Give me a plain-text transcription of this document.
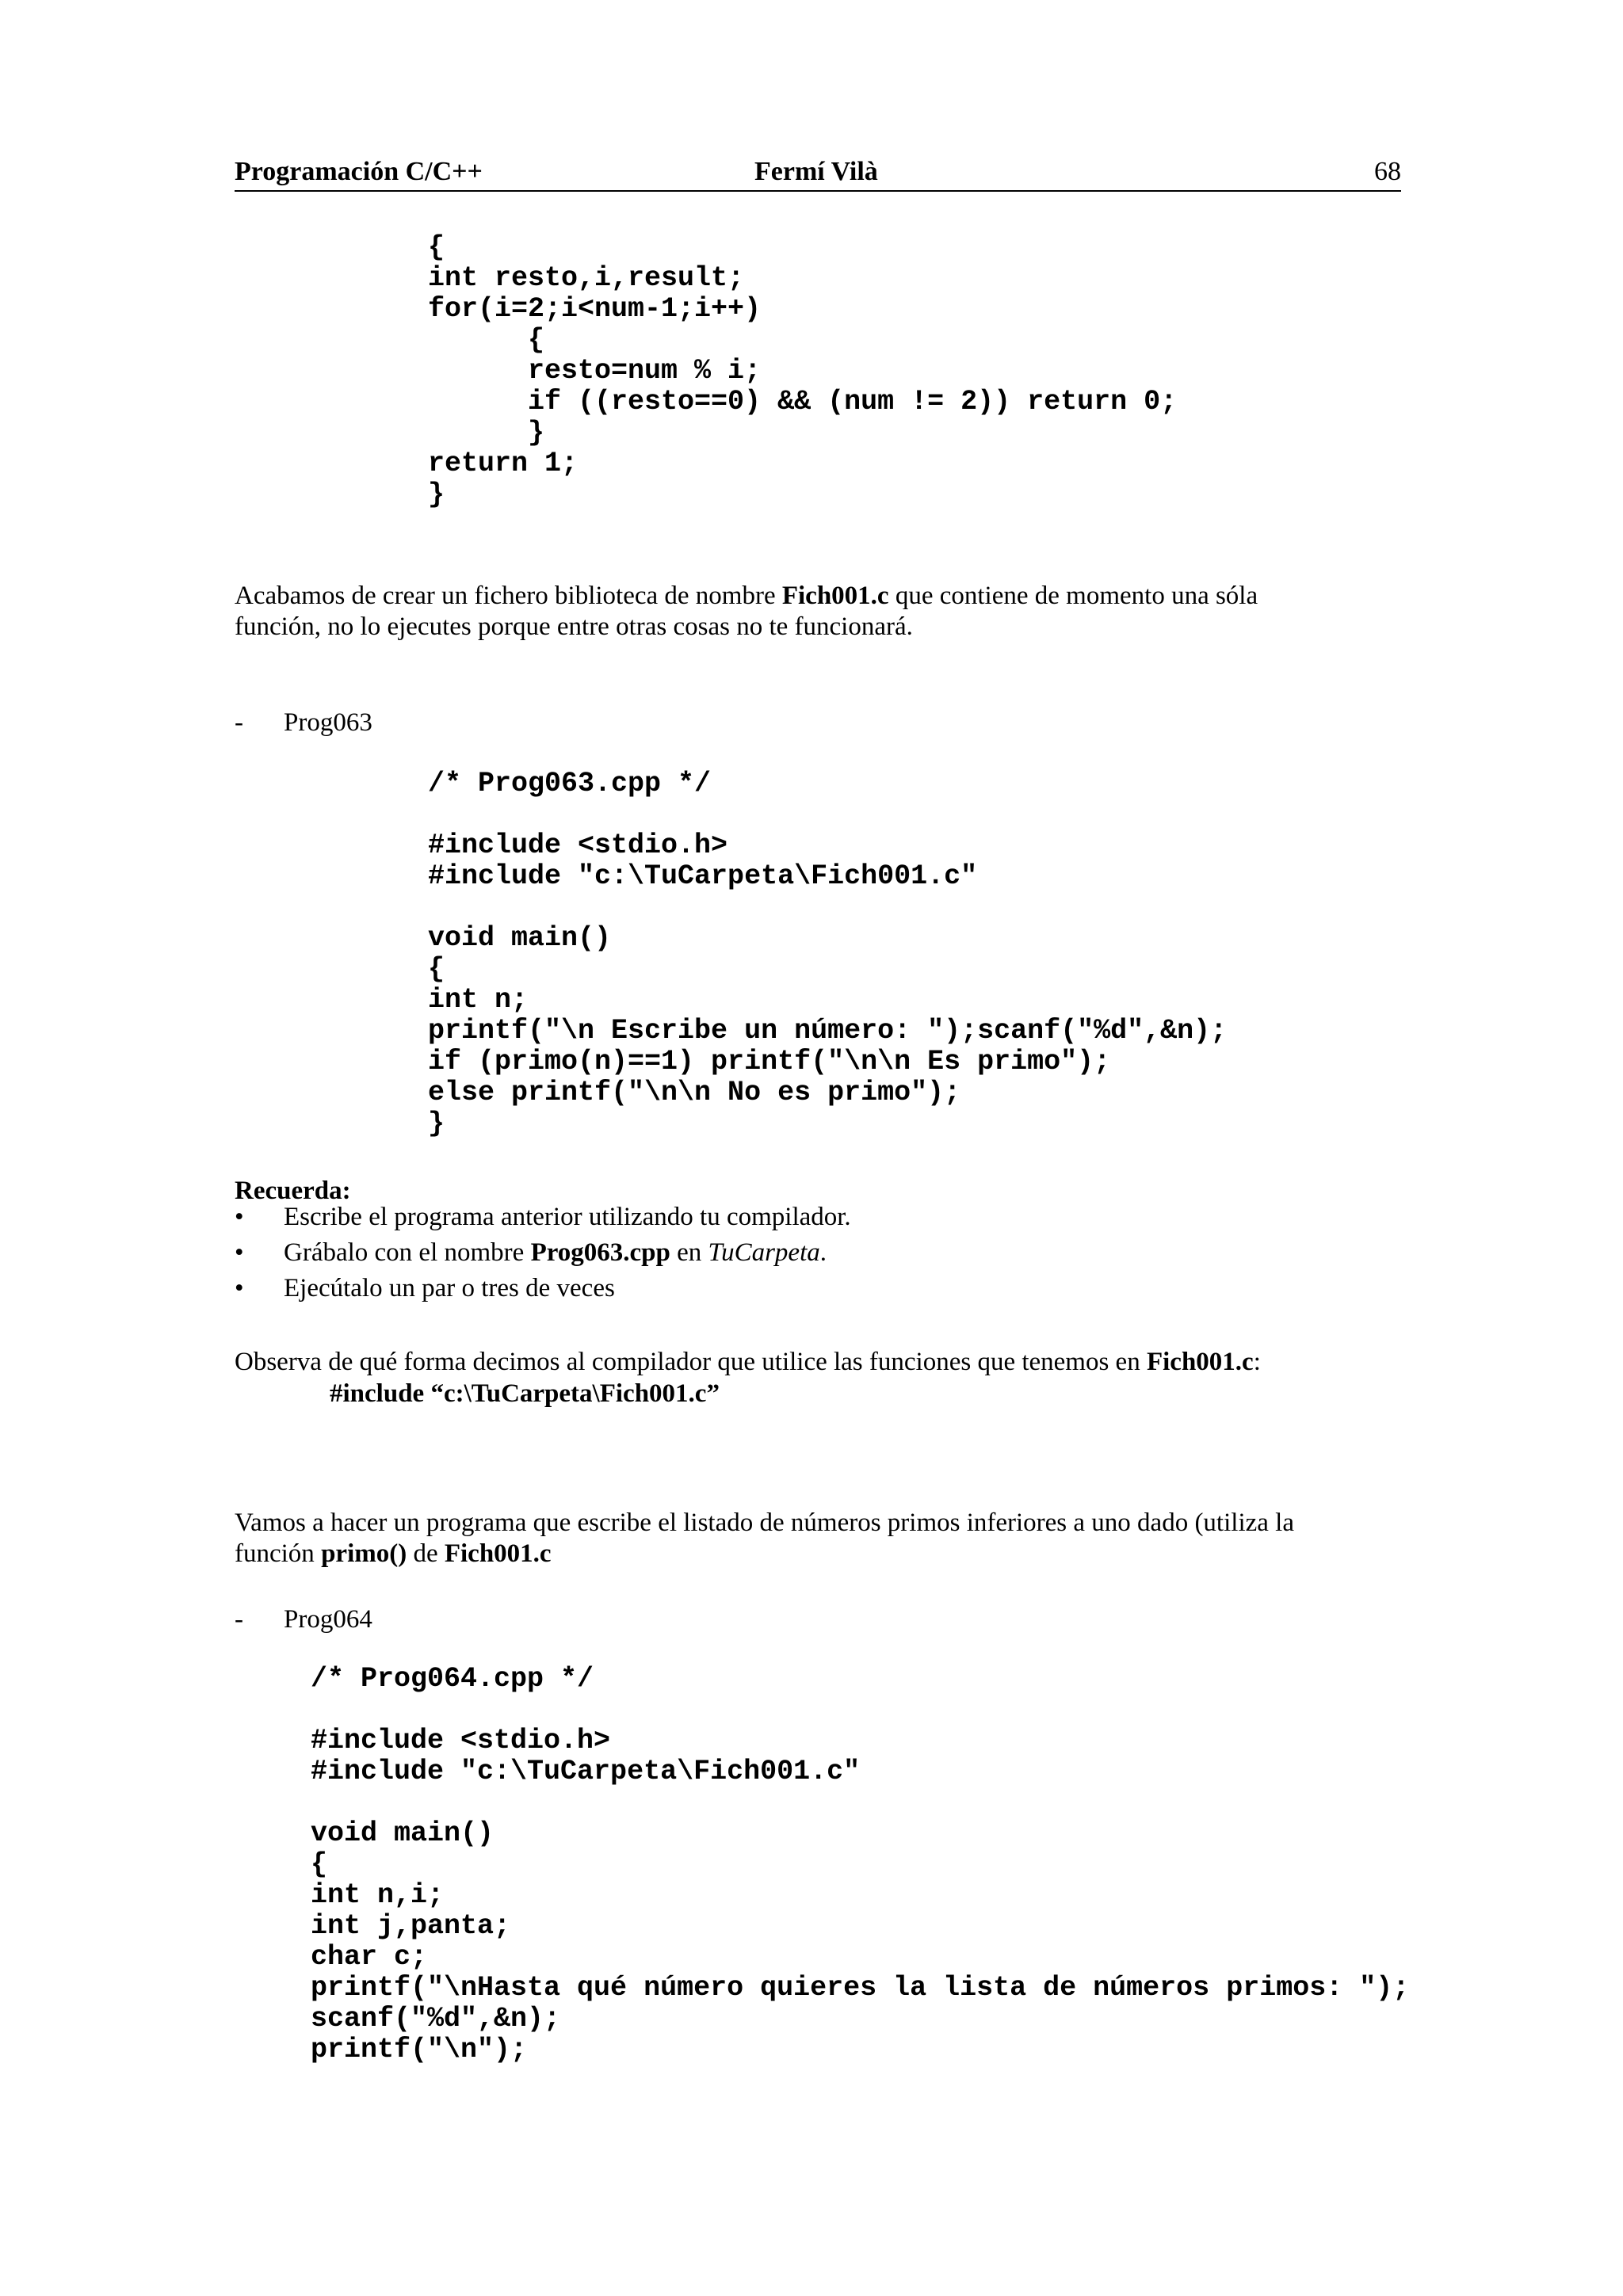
Programación C/C++	Fermí Vilà	68
{
int resto,i,result;
for(i=2;i<num-1;i++)
{
resto=num % i;
if ((resto==0) && (num != 2)) return 0;
}
return 1;
}
Acabamos de crear un fichero biblioteca de nombre Fich001.c que contiene de momento una sóla
función, no lo ejecutes porque entre otras cosas no te funcionará.
- Prog063
/* Prog063.cpp */

#include <stdio.h>
#include "c:\TuCarpeta\Fich001.c"

void main()
{
int n;
printf("\n Escribe un número: ");scanf("%d",&n);
if (primo(n)==1) printf("\n\n Es primo");
else printf("\n\n No es primo");
}
Recuerda:
• Escribe el programa anterior utilizando tu compilador.
• Grábalo con el nombre Prog063.cpp en TuCarpeta.
• Ejecútalo un par o tres de veces
Observa de qué forma decimos al compilador que utilice las funciones que tenemos en Fich001.c:
#include “c:\TuCarpeta\Fich001.c”
Vamos a hacer un programa que escribe el listado de números primos inferiores a uno dado (utiliza la
función primo() de Fich001.c
- Prog064
/* Prog064.cpp */

#include <stdio.h>
#include "c:\TuCarpeta\Fich001.c"

void main()
{
int n,i;
int j,panta;
char c;
printf("\nHasta qué número quieres la lista de números primos: ");
scanf("%d",&n);
printf("\n");
